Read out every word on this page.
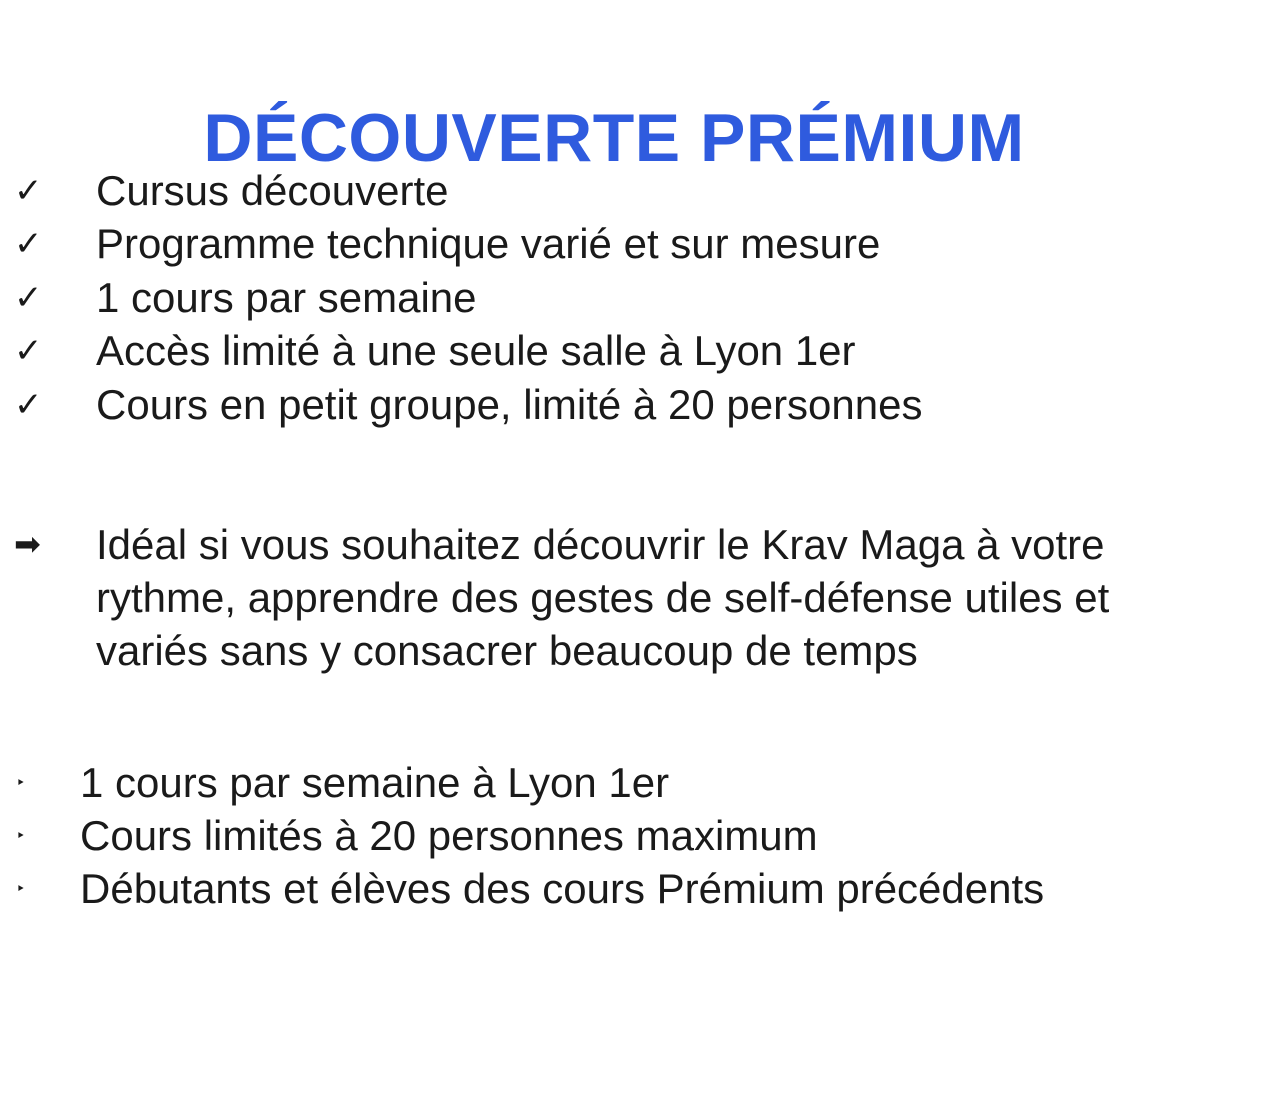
DÉCOUVERTE PRÉMIUM
✓	Cursus découverte
✓	Programme technique varié et sur mesure
✓	1 cours par semaine
✓	Accès limité à une seule salle à Lyon 1er
✓	Cours en petit groupe, limité à 20 personnes
➡	Idéal si vous souhaitez découvrir le Krav Maga à votre rythme, apprendre des gestes de self-défense utiles et variés sans y consacrer beaucoup de temps

‣	1 cours par semaine à Lyon 1er
‣	Cours limités à 20 personnes maximum
‣	Débutants et élèves des cours Prémium précédents
